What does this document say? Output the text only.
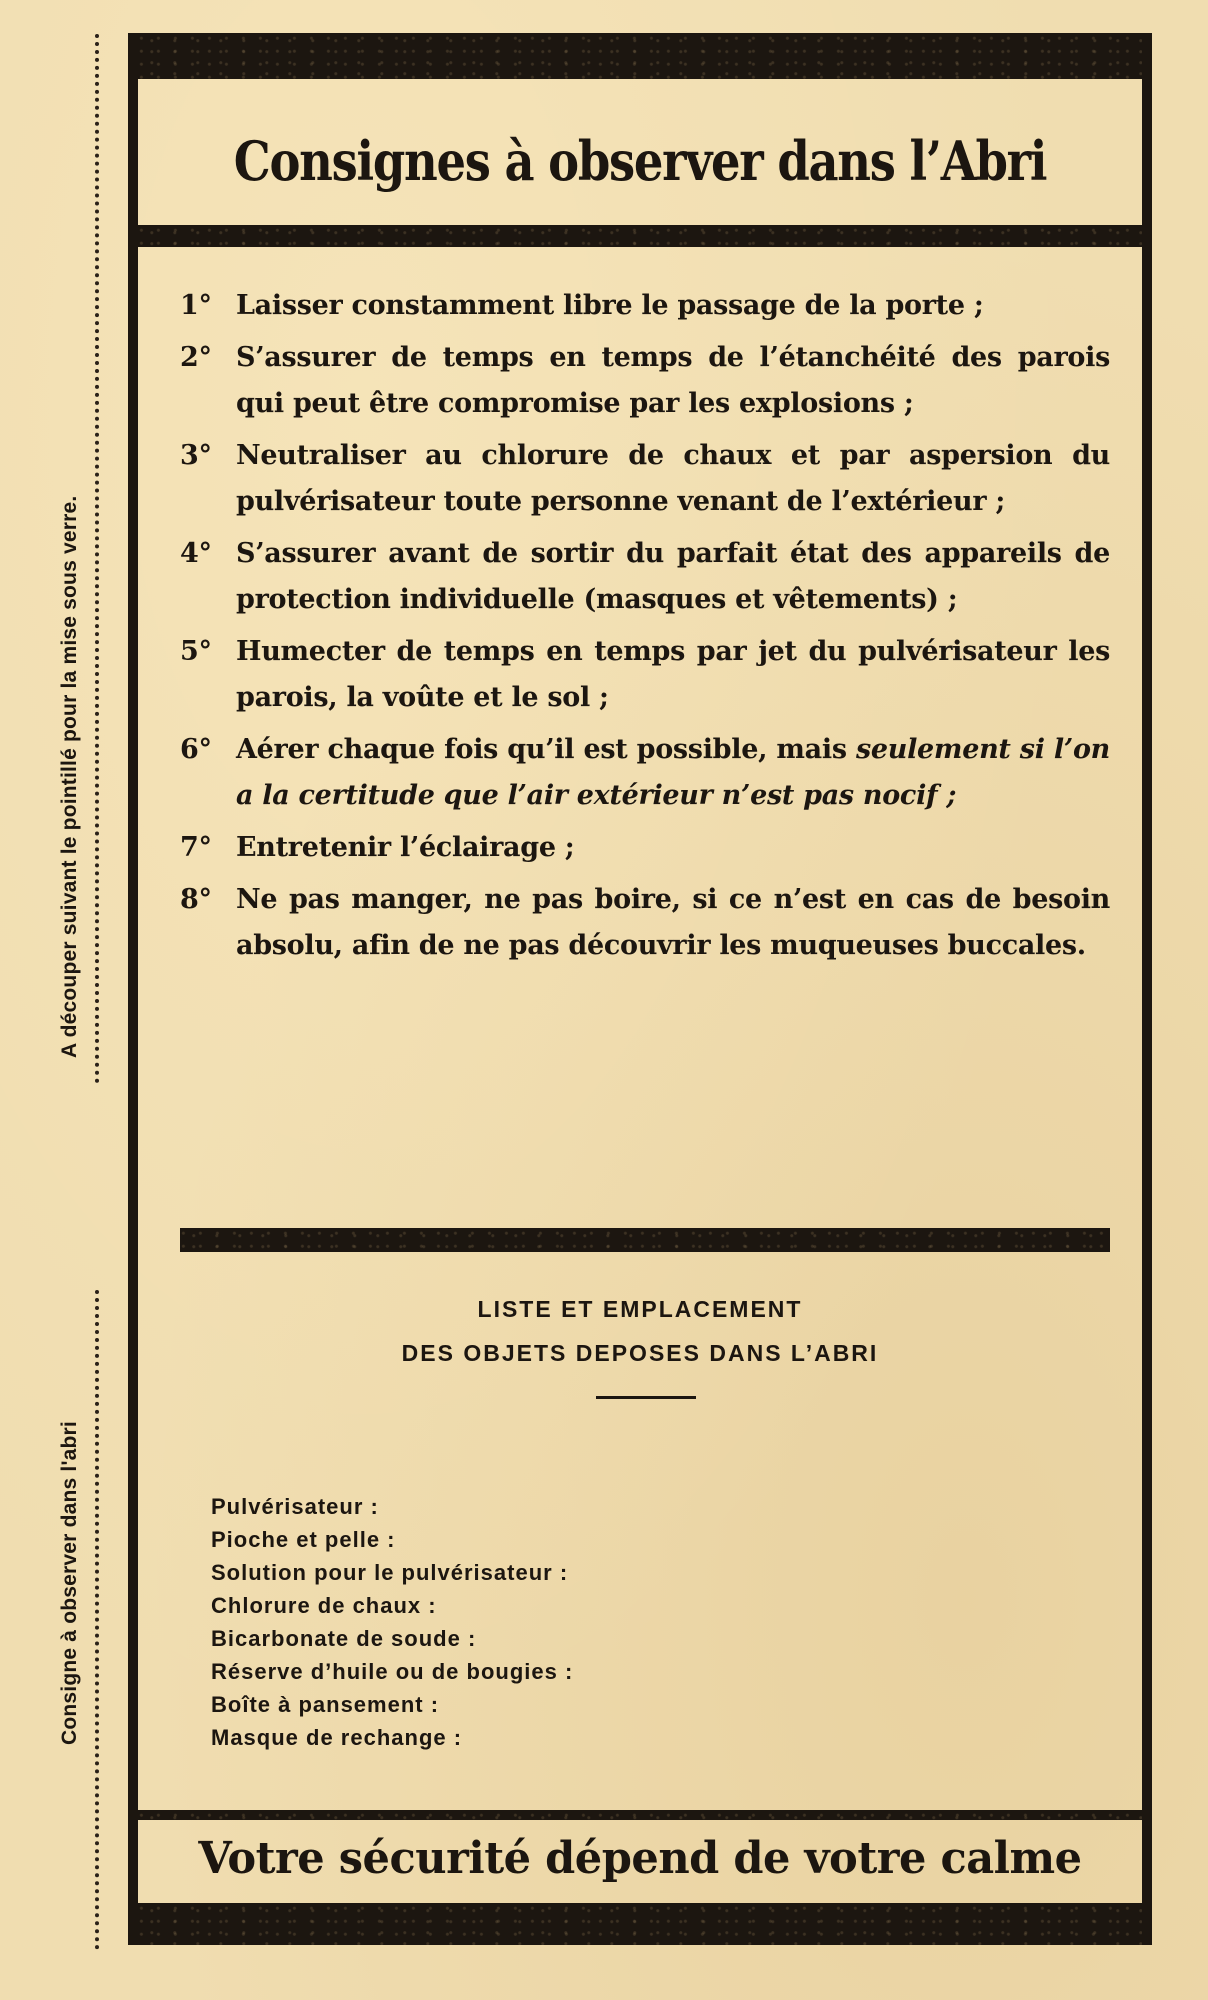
A découper suivant le pointillé pour la mise sous verre.
Consigne à observer dans l'abri
Consignes à observer dans l’Abri
1° Laisser constamment libre le passage de la porte ;
2° S’assurer de temps en temps de l’étanchéité des parois qui peut être compromise par les explosions ;
3° Neutraliser au chlorure de chaux et par aspersion du pulvérisateur toute personne venant de l’extérieur ;
4° S’assurer avant de sortir du parfait état des appareils de protection individuelle (masques et vêtements) ;
5° Humecter de temps en temps par jet du pulvérisateur les parois, la voûte et le sol ;
6° Aérer chaque fois qu’il est possible, mais seulement si l’on a la certitude que l’air extérieur n’est pas nocif ;
7° Entretenir l’éclairage ;
8° Ne pas manger, ne pas boire, si ce n’est en cas de besoin absolu, afin de ne pas découvrir les muqueuses buccales.
LISTE ET EMPLACEMENT
DES OBJETS DEPOSES DANS L’ABRI
Pulvérisateur :
Pioche et pelle :
Solution pour le pulvérisateur :
Chlorure de chaux :
Bicarbonate de soude :
Réserve d’huile ou de bougies :
Boîte à pansement :
Masque de rechange :
Votre sécurité dépend de votre calme
